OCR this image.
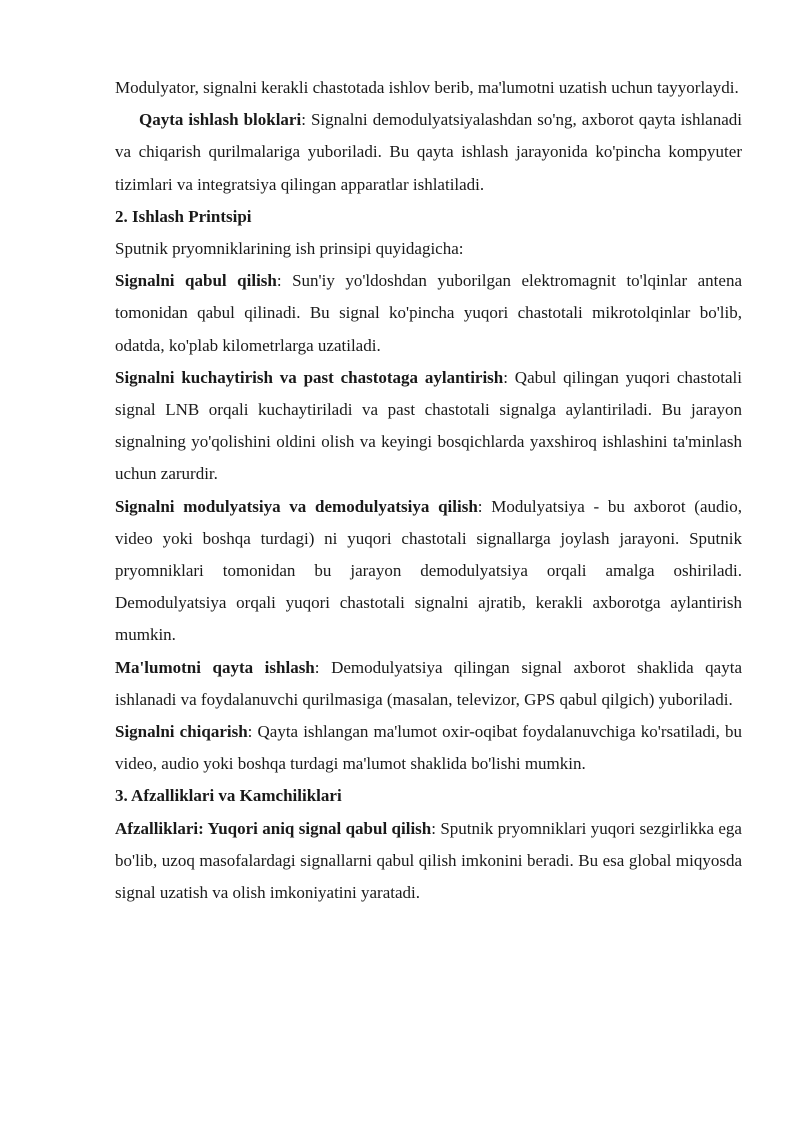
Modulyator, signalni kerakli chastotada ishlov berib, ma'lumotni uzatish uchun tayyorlaydi.

Qayta ishlash bloklari: Signalni demodulyatsiyalashdan so'ng, axborot qayta ishlanadi va chiqarish qurilmalariga yuboriladi. Bu qayta ishlash jarayonida ko'pincha kompyuter tizimlari va integratsiya qilingan apparatlar ishlatiladi.

2. Ishlash Printsipi

Sputnik pryomniklarining ish prinsipi quyidagicha:

Signalni qabul qilish: Sun'iy yo'ldoshdan yuborilgan elektromagnit to'lqinlar antena tomonidan qabul qilinadi. Bu signal ko'pincha yuqori chastotali mikrotolqinlar bo'lib, odatda, ko'plab kilometrlarga uzatiladi.

Signalni kuchaytirish va past chastotaga aylantirish: Qabul qilingan yuqori chastotali signal LNB orqali kuchaytiriladi va past chastotali signalga aylantiriladi. Bu jarayon signalning yo'qolishini oldini olish va keyingi bosqichlarda yaxshiroq ishlashini ta'minlash uchun zarurdir.

Signalni modulyatsiya va demodulyatsiya qilish: Modulyatsiya - bu axborot (audio, video yoki boshqa turdagi) ni yuqori chastotali signallarga joylash jarayoni. Sputnik pryomniklari tomonidan bu jarayon demodulyatsiya orqali amalga oshiriladi. Demodulyatsiya orqali yuqori chastotali signalni ajratib, kerakli axborotga aylantirish mumkin.

Ma'lumotni qayta ishlash: Demodulyatsiya qilingan signal axborot shaklida qayta ishlanadi va foydalanuvchi qurilmasiga (masalan, televizor, GPS qabul qilgich) yuboriladi.

Signalni chiqarish: Qayta ishlangan ma'lumot oxir-oqibat foydalanuvchiga ko'rsatiladi, bu video, audio yoki boshqa turdagi ma'lumot shaklida bo'lishi mumkin.

3. Afzalliklari va Kamchiliklari

Afzalliklari: Yuqori aniq signal qabul qilish: Sputnik pryomniklari yuqori sezgirlikka ega bo'lib, uzoq masofalardagi signallarni qabul qilish imkonini beradi. Bu esa global miqyosda signal uzatish va olish imkoniyatini yaratadi.
